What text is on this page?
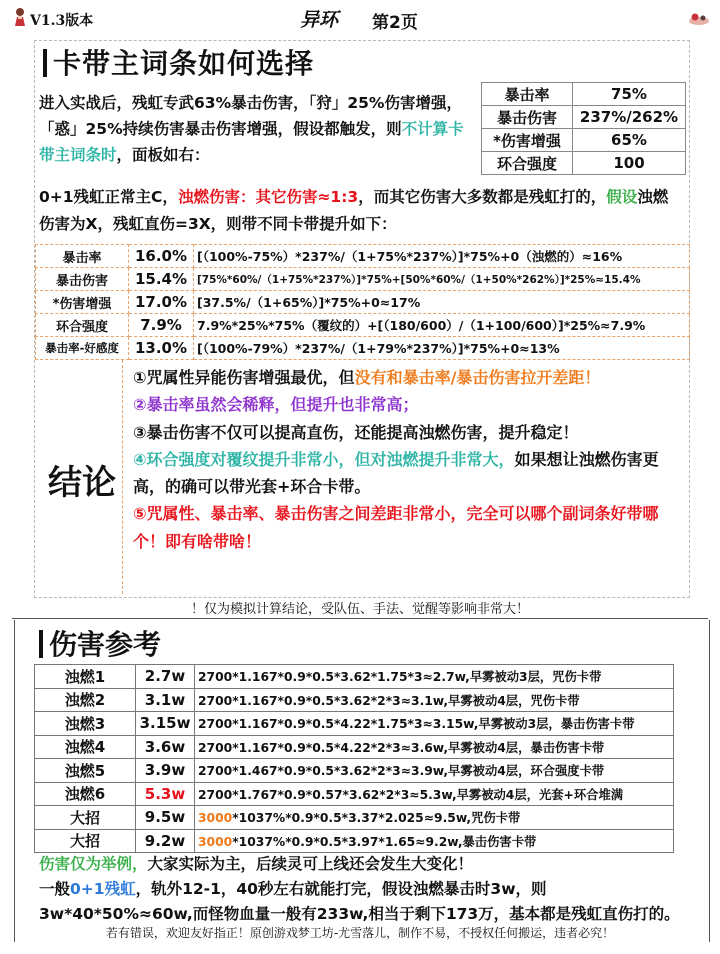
V1.3版本	异环 第2页
卡带主词条如何选择
进入实战后，残虹专武63%暴击伤害，「狩」25%伤害增强，「惑」25%持续伤害暴击伤害增强，假设都触发，则不计算卡带主词条时，面板如右：
暴击率	75%
暴击伤害	237%/262%
*伤害增强	65%
环合强度	100
0+1残虹正常主C，浊燃伤害：其它伤害≈1:3，而其它伤害大多数都是残虹打的，假设浊燃伤害为X，残虹直伤=3X，则带不同卡带提升如下：
暴击率	16.0%	[（100%-75%）*237%/（1+75%*237%）]*75%+0（浊燃的）≈16%
暴击伤害	15.4%	[75%*60%/（1+75%*237%）]*75%+[50%*60%/（1+50%*262%）]*25%≈15.4%
*伤害增强	17.0%	[37.5%/（1+65%）]*75%+0≈17%
环合强度	7.9%	7.9%*25%*75%（覆纹的）+[（180/600）/（1+100/600）]*25%≈7.9%
暴击率-好感度	13.0%	[（100%-79%）*237%/（1+79%*237%）]*75%+0≈13%
结论
①咒属性异能伤害增强最优，但没有和暴击率/暴击伤害拉开差距！
②暴击率虽然会稀释，但提升也非常高；
③暴击伤害不仅可以提高直伤，还能提高浊燃伤害，提升稳定！
④环合强度对覆纹提升非常小，但对浊燃提升非常大，如果想让浊燃伤害更高，的确可以带光套+环合卡带。
⑤咒属性、暴击率、暴击伤害之间差距非常小，完全可以哪个副词条好带哪个！即有啥带啥！
！仅为模拟计算结论，受队伍、手法、觉醒等影响非常大！
伤害参考
浊燃1	2.7w	2700*1.167*0.9*0.5*3.62*1.75*3≈2.7w,早雾被动3层，咒伤卡带
浊燃2	3.1w	2700*1.167*0.9*0.5*3.62*2*3≈3.1w,早雾被动4层，咒伤卡带
浊燃3	3.15w	2700*1.167*0.9*0.5*4.22*1.75*3≈3.15w,早雾被动3层，暴击伤害卡带
浊燃4	3.6w	2700*1.167*0.9*0.5*4.22*2*3≈3.6w,早雾被动4层，暴击伤害卡带
浊燃5	3.9w	2700*1.467*0.9*0.5*3.62*2*3≈3.9w,早雾被动4层，环合强度卡带
浊燃6	5.3w	2700*1.767*0.9*0.57*3.62*2*3≈5.3w,早雾被动4层，光套+环合堆满
大招	9.5w	3000*1037%*0.9*0.5*3.37*2.025≈9.5w,咒伤卡带
大招	9.2w	3000*1037%*0.9*0.5*3.97*1.65≈9.2w,暴击伤害卡带
伤害仅为举例，大家实际为主，后续灵可上线还会发生大变化！
一般0+1残虹，轨外12-1，40秒左右就能打完，假设浊燃暴击时3w，则3w*40*50%≈60w,而怪物血量一般有233w,相当于剩下173万，基本都是残虹直伤打的。
若有错误，欢迎友好指正！原创游戏梦工坊-尤雪落儿，制作不易，不授权任何搬运，违者必究！
